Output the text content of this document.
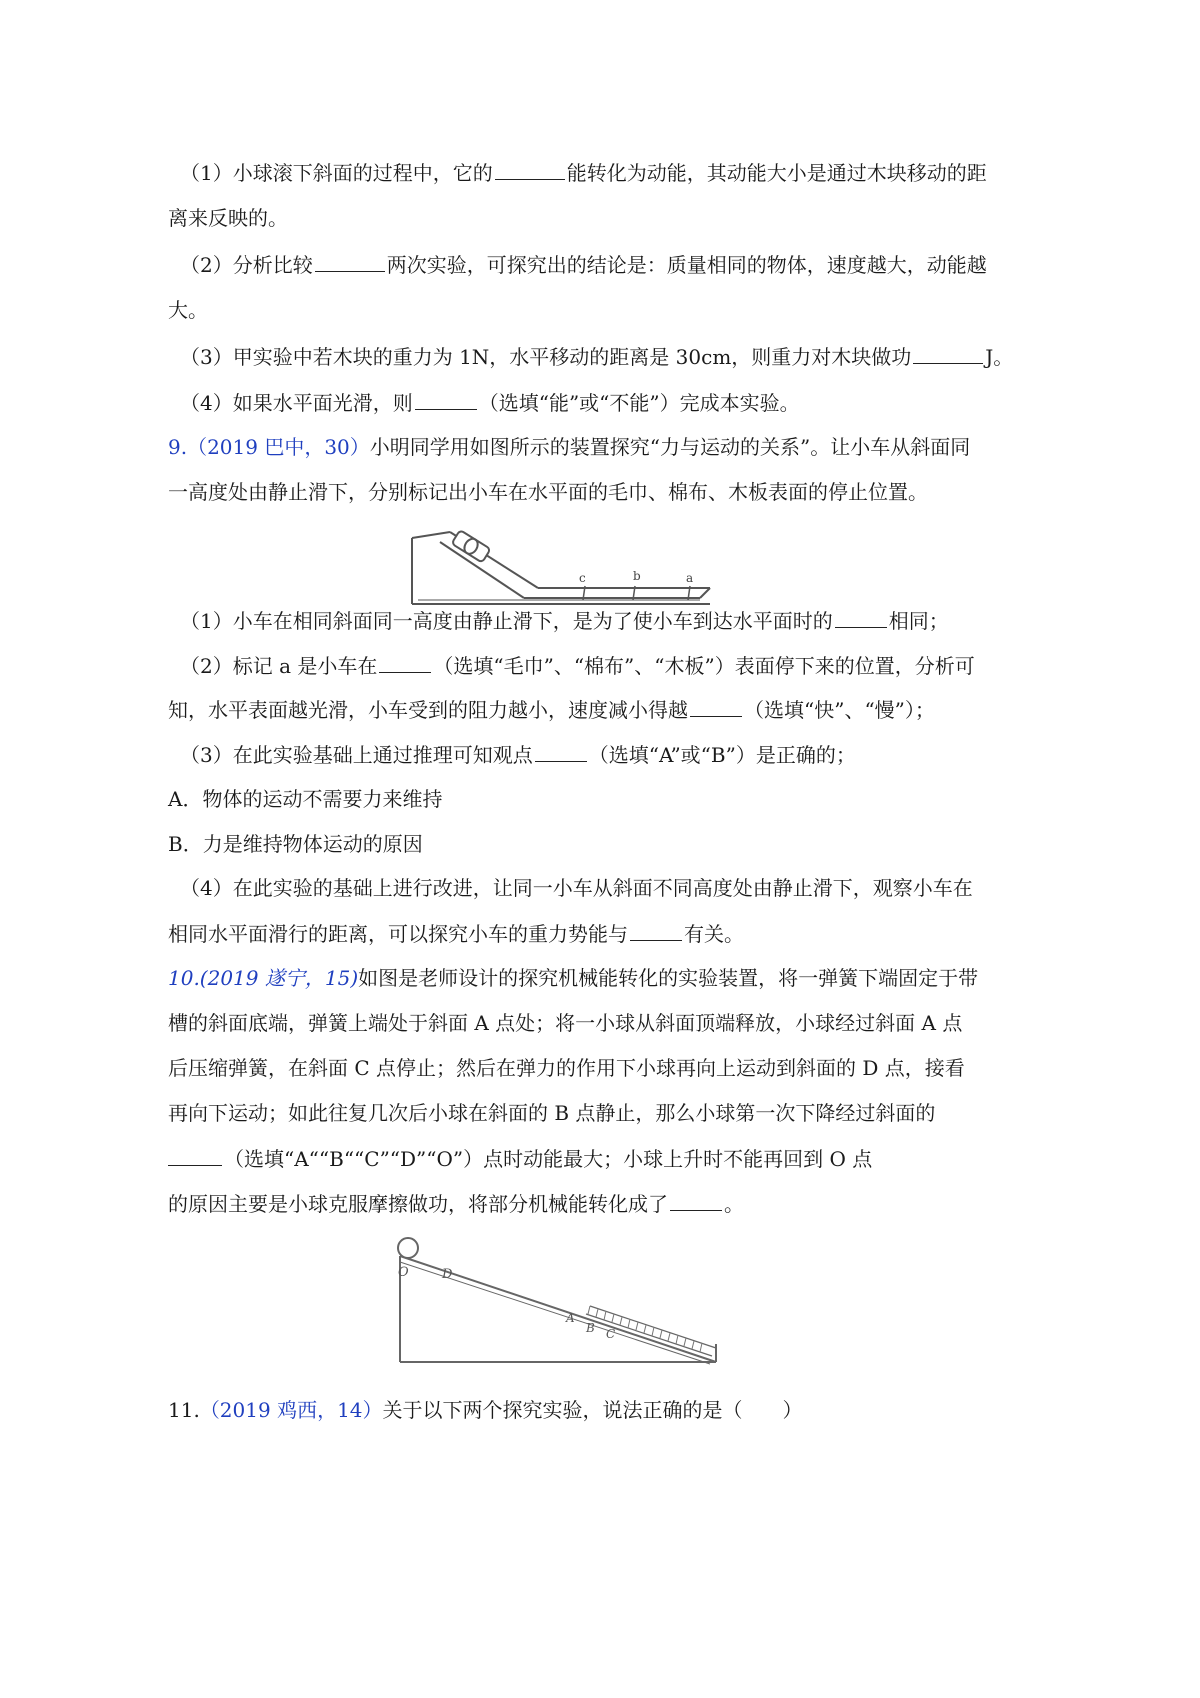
（1）小球滚下斜面的过程中，它的	能转化为动能，其动能大小是通过木块移动的距
离来反映的。
（2）分析比较	两次实验，可探究出的结论是：质量相同的物体，速度越大，动能越
大。
（3）甲实验中若木块的重力为 1N，水平移动的距离是 30cm，则重力对木块做功	J。
（4）如果水平面光滑，则	（选填“能”或“不能”）完成本实验。
9.（2019 巴中，30）小明同学用如图所示的装置探究“力与运动的关系”。让小车从斜面同
一高度处由静止滑下，分别标记出小车在水平面的毛巾、棉布、木板表面的停止位置。
c	b	a
（1）小车在相同斜面同一高度由静止滑下，是为了使小车到达水平面时的	相同；
（2）标记 a 是小车在	（选填“毛巾”、“棉布”、“木板”）表面停下来的位置，分析可
知，水平表面越光滑，小车受到的阻力越小，速度减小得越	（选填“快”、“慢”）；
（3）在此实验基础上通过推理可知观点	（选填“A”或“B”）是正确的；
A．物体的运动不需要力来维持
B．力是维持物体运动的原因
（4）在此实验的基础上进行改进，让同一小车从斜面不同高度处由静止滑下，观察小车在
相同水平面滑行的距离，可以探究小车的重力势能与	有关。
10.(2019 遂宁，15)如图是老师设计的探究机械能转化的实验装置，将一弹簧下端固定于带
槽的斜面底端，弹簧上端处于斜面 A 点处；将一小球从斜面顶端释放，小球经过斜面 A 点
后压缩弹簧，在斜面 C 点停止；然后在弹力的作用下小球再向上运动到斜面的 D 点，接看
再向下运动；如此往复几次后小球在斜面的 B 点静止，那么小球第一次下降经过斜面的
（选填“A““B““C”“D”“O”）点时动能最大；小球上升时不能再回到 O 点
的原因主要是小球克服摩擦做功，将部分机械能转化成了	。
O	D
A
B C
11.（2019 鸡西，14）关于以下两个探究实验，说法正确的是（　　）
